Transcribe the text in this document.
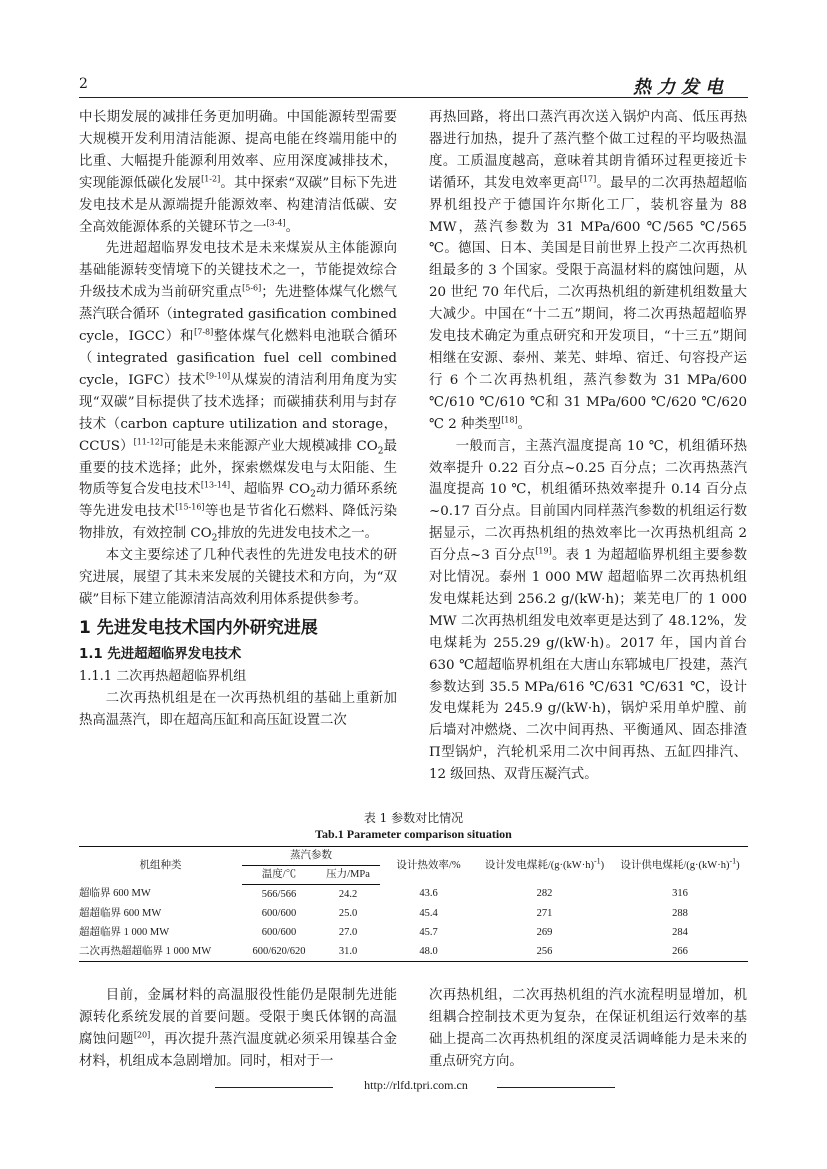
2	热力发电

中长期发展的减排任务更加明确。中国能源转型需要大规模开发利用清洁能源、提高电能在终端用能中的比重、大幅提升能源利用效率、应用深度减排技术，实现能源低碳化发展[1-2]。其中探索“双碳”目标下先进发电技术是从源端提升能源效率、构建清洁低碳、安全高效能源体系的关键环节之一[3-4]。

先进超超临界发电技术是未来煤炭从主体能源向基础能源转变情境下的关键技术之一，节能提效综合升级技术成为当前研究重点[5-6]；先进整体煤气化燃气蒸汽联合循环（integrated gasification combined cycle，IGCC）和[7-8]整体煤气化燃料电池联合循环（integrated gasification fuel cell combined cycle，IGFC）技术[9-10]从煤炭的清洁利用角度为实现“双碳”目标提供了技术选择；而碳捕获利用与封存技术（carbon capture utilization and storage，CCUS）[11-12]可能是未来能源产业大规模减排 $CO_2$最重要的技术选择；此外，探索燃煤发电与太阳能、生物质等复合发电技术[13-14]、超临界 $CO_2$动力循环系统等先进发电技术[15-16]等也是节省化石燃料、降低污染物排放，有效控制 $CO_2$排放的先进发电技术之一。

本文主要综述了几种代表性的先进发电技术的研究进展，展望了其未来发展的关键技术和方向，为“双碳”目标下建立能源清洁高效利用体系提供参考。

1 先进发电技术国内外研究进展
1.1 先进超超临界发电技术
1.1.1 二次再热超超临界机组

二次再热机组是在一次再热机组的基础上重新加热高温蒸汽，即在超高压缸和高压缸设置二次

再热回路，将出口蒸汽再次送入锅炉内高、低压再热器进行加热，提升了蒸汽整个做工过程的平均吸热温度。工质温度越高，意味着其朗肯循环过程更接近卡诺循环，其发电效率更高[17]。最早的二次再热超超临界机组投产于德国许尔斯化工厂，装机容量为 88 MW，蒸汽参数为 31 MPa/600 ℃/565 ℃/565 ℃。德国、日本、美国是目前世界上投产二次再热机组最多的 3 个国家。受限于高温材料的腐蚀问题，从 20 世纪 70 年代后，二次再热机组的新建机组数量大大减少。中国在“十二五”期间，将二次再热超超临界发电技术确定为重点研究和开发项目，“十三五”期间相继在安源、泰州、莱芜、蚌埠、宿迁、句容投产运行 6 个二次再热机组，蒸汽参数为 31 MPa/600 ℃/610 ℃/610 ℃和 31 MPa/600 ℃/620 ℃/620 ℃ 2 种类型[18]。

一般而言，主蒸汽温度提高 10 ℃，机组循环热效率提升 0.22 百分点~0.25 百分点；二次再热蒸汽温度提高 10 ℃，机组循环热效率提升 0.14 百分点~0.17 百分点。目前国内同样蒸汽参数的机组运行数据显示，二次再热机组的热效率比一次再热机组高 2 百分点~3 百分点[19]。表 1 为超超临界机组主要参数对比情况。泰州 1 000 MW 超超临界二次再热机组发电煤耗达到 256.2 g/(kW·h)；莱芜电厂的 1 000 MW 二次再热机组发电效率更是达到了 48.12%，发电煤耗为 255.29 g/(kW·h)。2017 年，国内首台 630 ℃超超临界机组在大唐山东郓城电厂投建，蒸汽参数达到 35.5 MPa/616 ℃/631 ℃/631 ℃，设计发电煤耗为 245.9 g/(kW·h)，锅炉采用单炉膛、前后墙对冲燃烧、二次中间再热、平衡通风、固态排渣Π型锅炉，汽轮机采用二次中间再热、五缸四排汽、12 级回热、双背压凝汽式。

表 1 参数对比情况
Tab.1 Parameter comparison situation
机组种类	蒸汽参数		设计热效率/%	设计发电煤耗$/(g\cdot(kW\cdot h)^{-1})$	设计供电煤耗$/(g\cdot(kW\cdot h)^{-1})$
	温度/℃	压力/MPa			
超临界 600 MW	566/566	24.2	43.6	282	316
超超临界 600 MW	600/600	25.0	45.4	271	288
超超临界 1 000 MW	600/600	27.0	45.7	269	284
二次再热超超临界 1 000 MW	600/620/620	31.0	48.0	256	266

目前，金属材料的高温服役性能仍是限制先进能源转化系统发展的首要问题。受限于奥氏体钢的高温腐蚀问题[20]，再次提升蒸汽温度就必须采用镍基合金材料，机组成本急剧增加。同时，相对于一

次再热机组，二次再热机组的汽水流程明显增加，机组耦合控制技术更为复杂，在保证机组运行效率的基础上提高二次再热机组的深度灵活调峰能力是未来的重点研究方向。

http://rlfd.tpri.com.cn
